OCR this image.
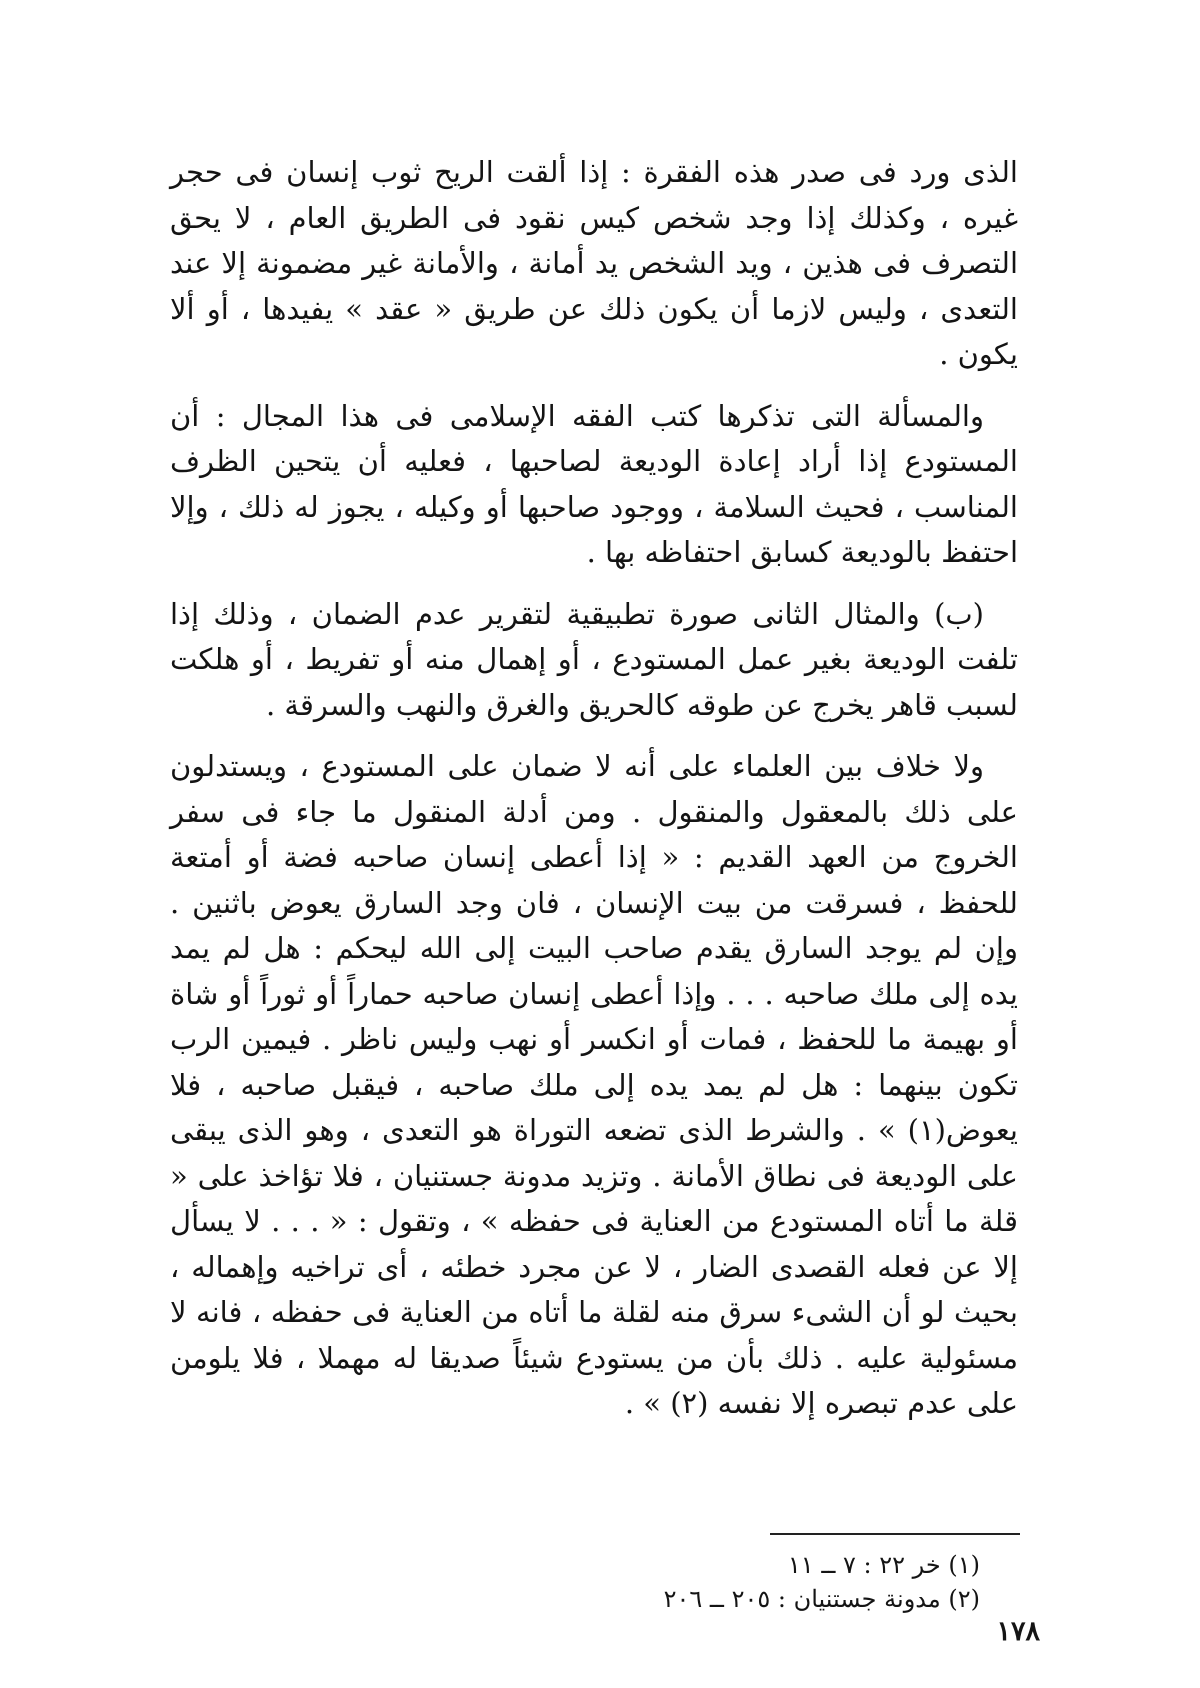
الذى ورد فى صدر هذه الفقرة : إذا ألقت الريح ثوب إنسان فى حجر غيره ، وكذلك إذا وجد شخص كيس نقود فى الطريق العام ، لا يحق التصرف فى هذين ، ويد الشخص يد أمانة ، والأمانة غير مضمونة إلا عند التعدى ، وليس لازما أن يكون ذلك عن طريق « عقد » يفيدها ، أو ألا يكون .

والمسألة التى تذكرها كتب الفقه الإسلامى فى هذا المجال : أن المستودع إذا أراد إعادة الوديعة لصاحبها ، فعليه أن يتحين الظرف المناسب ، فحيث السلامة ، ووجود صاحبها أو وكيله ، يجوز له ذلك ، وإلا احتفظ بالوديعة كسابق احتفاظه بها .

(ب) والمثال الثانى صورة تطبيقية لتقرير عدم الضمان ، وذلك إذا تلفت الوديعة بغير عمل المستودع ، أو إهمال منه أو تفريط ، أو هلكت لسبب قاهر يخرج عن طوقه كالحريق والغرق والنهب والسرقة .

ولا خلاف بين العلماء على أنه لا ضمان على المستودع ، ويستدلون على ذلك بالمعقول والمنقول . ومن أدلة المنقول ما جاء فى سفر الخروج من العهد القديم : « إذا أعطى إنسان صاحبه فضة أو أمتعة للحفظ ، فسرقت من بيت الإنسان ، فان وجد السارق يعوض باثنين . وإن لم يوجد السارق يقدم صاحب البيت إلى الله ليحكم : هل لم يمد يده إلى ملك صاحبه . . . وإذا أعطى إنسان صاحبه حماراً أو ثوراً أو شاة أو بهيمة ما للحفظ ، فمات أو انكسر أو نهب وليس ناظر . فيمين الرب تكون بينهما : هل لم يمد يده إلى ملك صاحبه ، فيقبل صاحبه ، فلا يعوض(١) » . والشرط الذى تضعه التوراة هو التعدى ، وهو الذى يبقى على الوديعة فى نطاق الأمانة . وتزيد مدونة جستنيان ، فلا تؤاخذ على « قلة ما أتاه المستودع من العناية فى حفظه » ، وتقول : « . . . لا يسأل إلا عن فعله القصدى الضار ، لا عن مجرد خطئه ، أى تراخيه وإهماله ، بحيث لو أن الشىء سرق منه لقلة ما أتاه من العناية فى حفظه ، فانه لا مسئولية عليه . ذلك بأن من يستودع شيئاً صديقا له مهملا ، فلا يلومن على عدم تبصره إلا نفسه (٢) » .

(١) خر ٢٢ : ٧ ــ ١١

(٢) مدونة جستنيان : ٢٠٥ ــ ٢٠٦

١٧٨
